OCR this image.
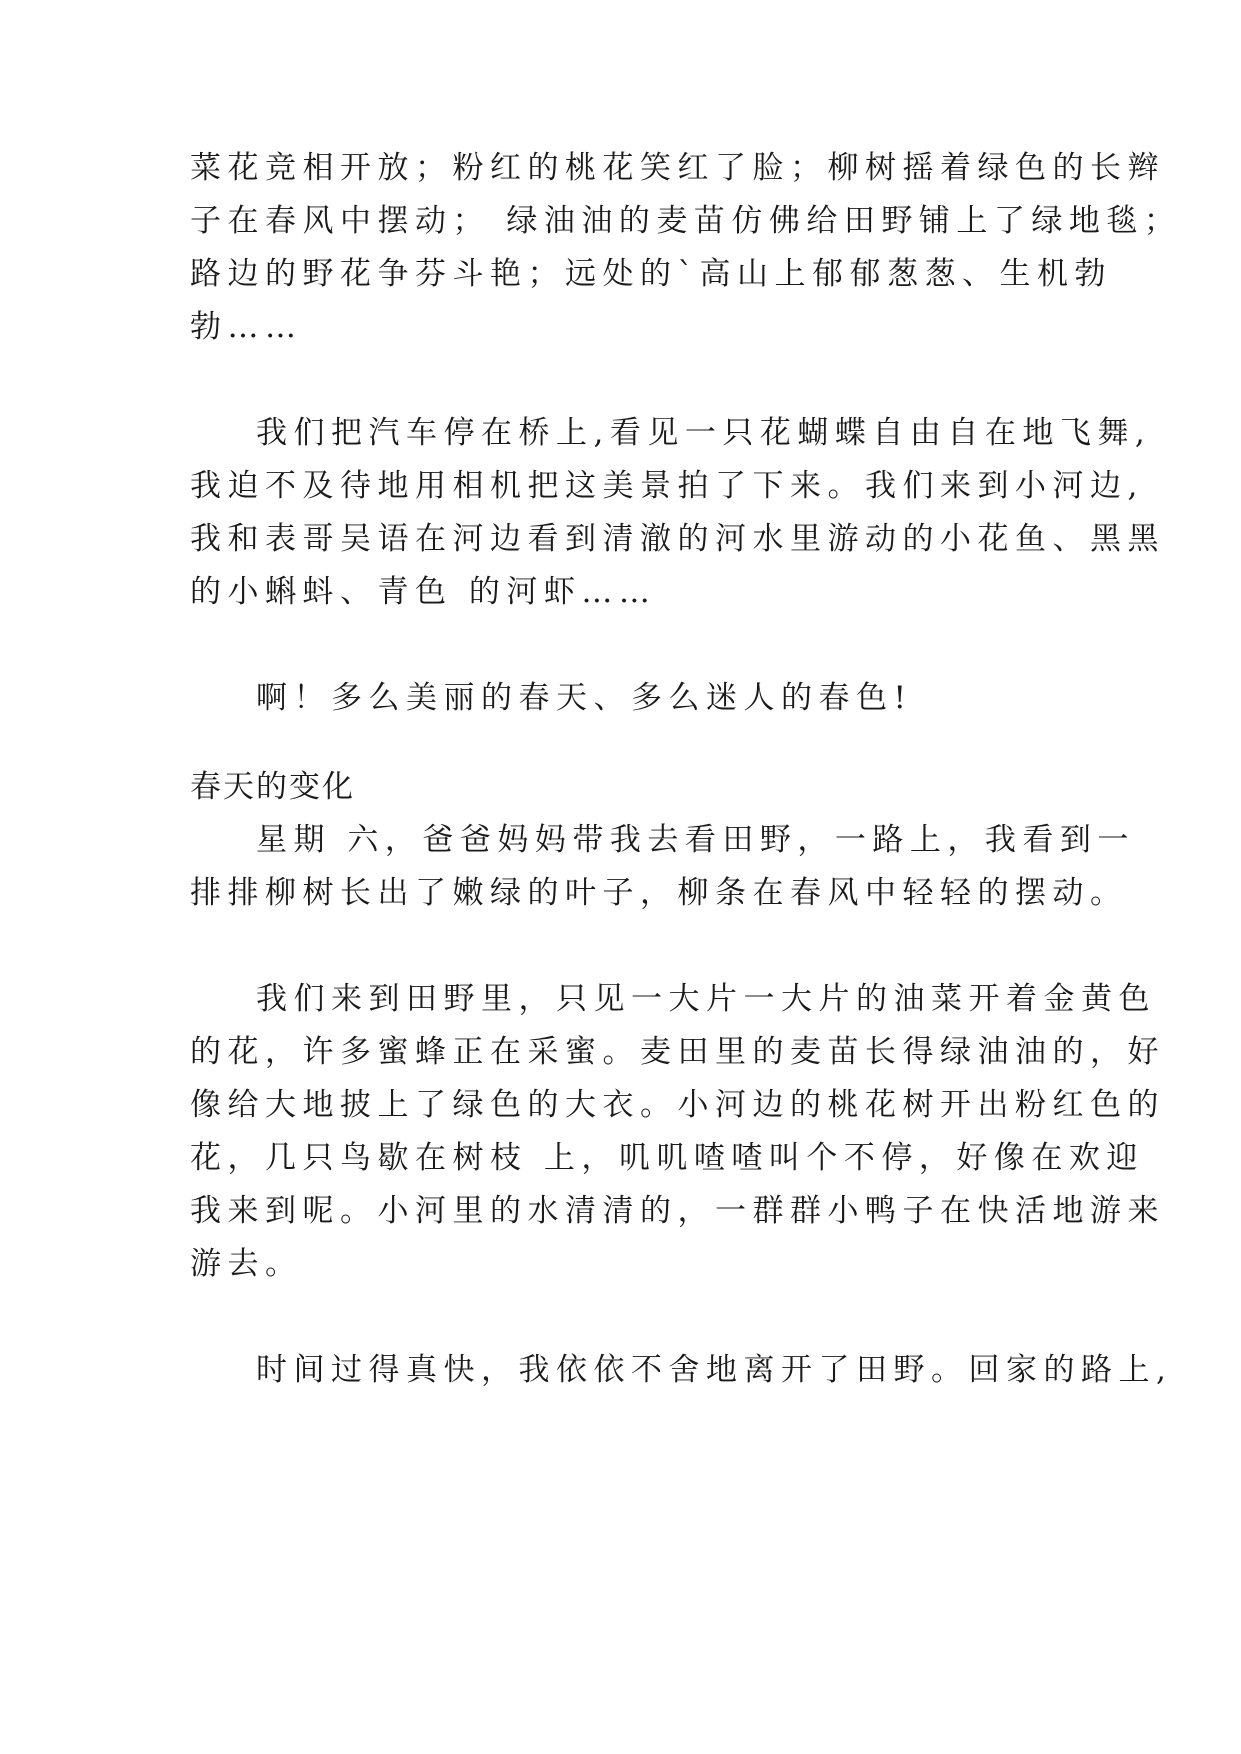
菜花竞相开放；粉红的桃花笑红了脸；柳树摇着绿色的长辫
子在春风中摆动； 绿油油的麦苗仿佛给田野铺上了绿地毯；
路边的野花争芬斗艳；远处的`高山上郁郁葱葱、生机勃
勃……
我们把汽车停在桥上,看见一只花蝴蝶自由自在地飞舞,
我迫不及待地用相机把这美景拍了下来。我们来到小河边,
我和表哥吴语在河边看到清澈的河水里游动的小花鱼、黑黑
的小蝌蚪、青色 的河虾……
啊！多么美丽的春天、多么迷人的春色!
春天的变化
星期 六，爸爸妈妈带我去看田野，一路上，我看到一
排排柳树长出了嫩绿的叶子，柳条在春风中轻轻的摆动。
我们来到田野里，只见一大片一大片的油菜开着金黄色
的花，许多蜜蜂正在采蜜。麦田里的麦苗长得绿油油的，好
像给大地披上了绿色的大衣。小河边的桃花树开出粉红色的
花，几只鸟歇在树枝 上，叽叽喳喳叫个不停，好像在欢迎
我来到呢。小河里的水清清的，一群群小鸭子在快活地游来
游去。
时间过得真快，我依依不舍地离开了田野。回家的路上,
